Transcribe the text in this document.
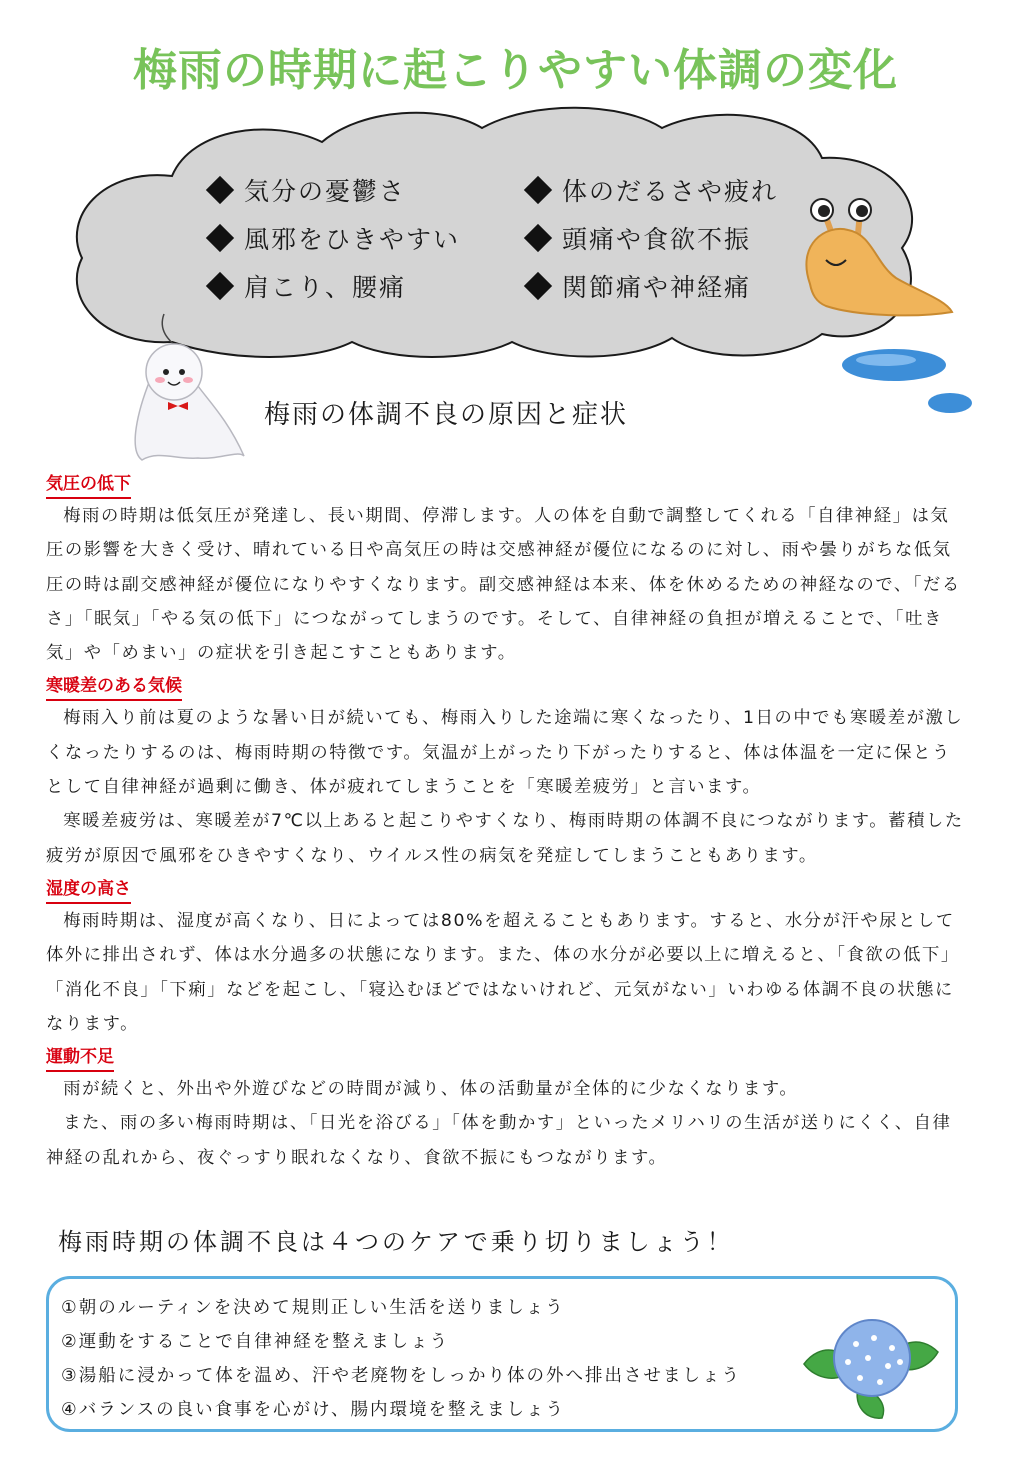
梅雨の時期に起こりやすい体調の変化
気分の憂鬱さ
風邪をひきやすい
肩こり、腰痛
体のだるさや疲れ
頭痛や食欲不振
関節痛や神経痛
梅雨の体調不良の原因と症状
気圧の低下

梅雨の時期は低気圧が発達し、長い期間、停滞します。人の体を自動で調整してくれる「自律神経」は気圧の影響を大きく受け、晴れている日や高気圧の時は交感神経が優位になるのに対し、雨や曇りがちな低気圧の時は副交感神経が優位になりやすくなります。副交感神経は本来、体を休めるための神経なので、「だるさ」「眠気」「やる気の低下」につながってしまうのです。そして、自律神経の負担が増えることで、「吐き気」や「めまい」の症状を引き起こすこともあります。

寒暖差のある気候

梅雨入り前は夏のような暑い日が続いても、梅雨入りした途端に寒くなったり、1日の中でも寒暖差が激しくなったりするのは、梅雨時期の特徴です。気温が上がったり下がったりすると、体は体温を一定に保とうとして自律神経が過剰に働き、体が疲れてしまうことを「寒暖差疲労」と言います。

寒暖差疲労は、寒暖差が7℃以上あると起こりやすくなり、梅雨時期の体調不良につながります。蓄積した疲労が原因で風邪をひきやすくなり、ウイルス性の病気を発症してしまうこともあります。

湿度の高さ

梅雨時期は、湿度が高くなり、日によっては80%を超えることもあります。すると、水分が汗や尿として体外に排出されず、体は水分過多の状態になります。また、体の水分が必要以上に増えると、「食欲の低下」「消化不良」「下痢」などを起こし、「寝込むほどではないけれど、元気がない」いわゆる体調不良の状態になります。

運動不足

雨が続くと、外出や外遊びなどの時間が減り、体の活動量が全体的に少なくなります。

また、雨の多い梅雨時期は、「日光を浴びる」「体を動かす」といったメリハリの生活が送りにくく、自律神経の乱れから、夜ぐっすり眠れなくなり、食欲不振にもつながります。

梅雨時期の体調不良は４つのケアで乗り切りましょう！
①朝のルーティンを決めて規則正しい生活を送りましょう
②運動をすることで自律神経を整えましょう
③湯船に浸かって体を温め、汗や老廃物をしっかり体の外へ排出させましょう
④バランスの良い食事を心がけ、腸内環境を整えましょう
